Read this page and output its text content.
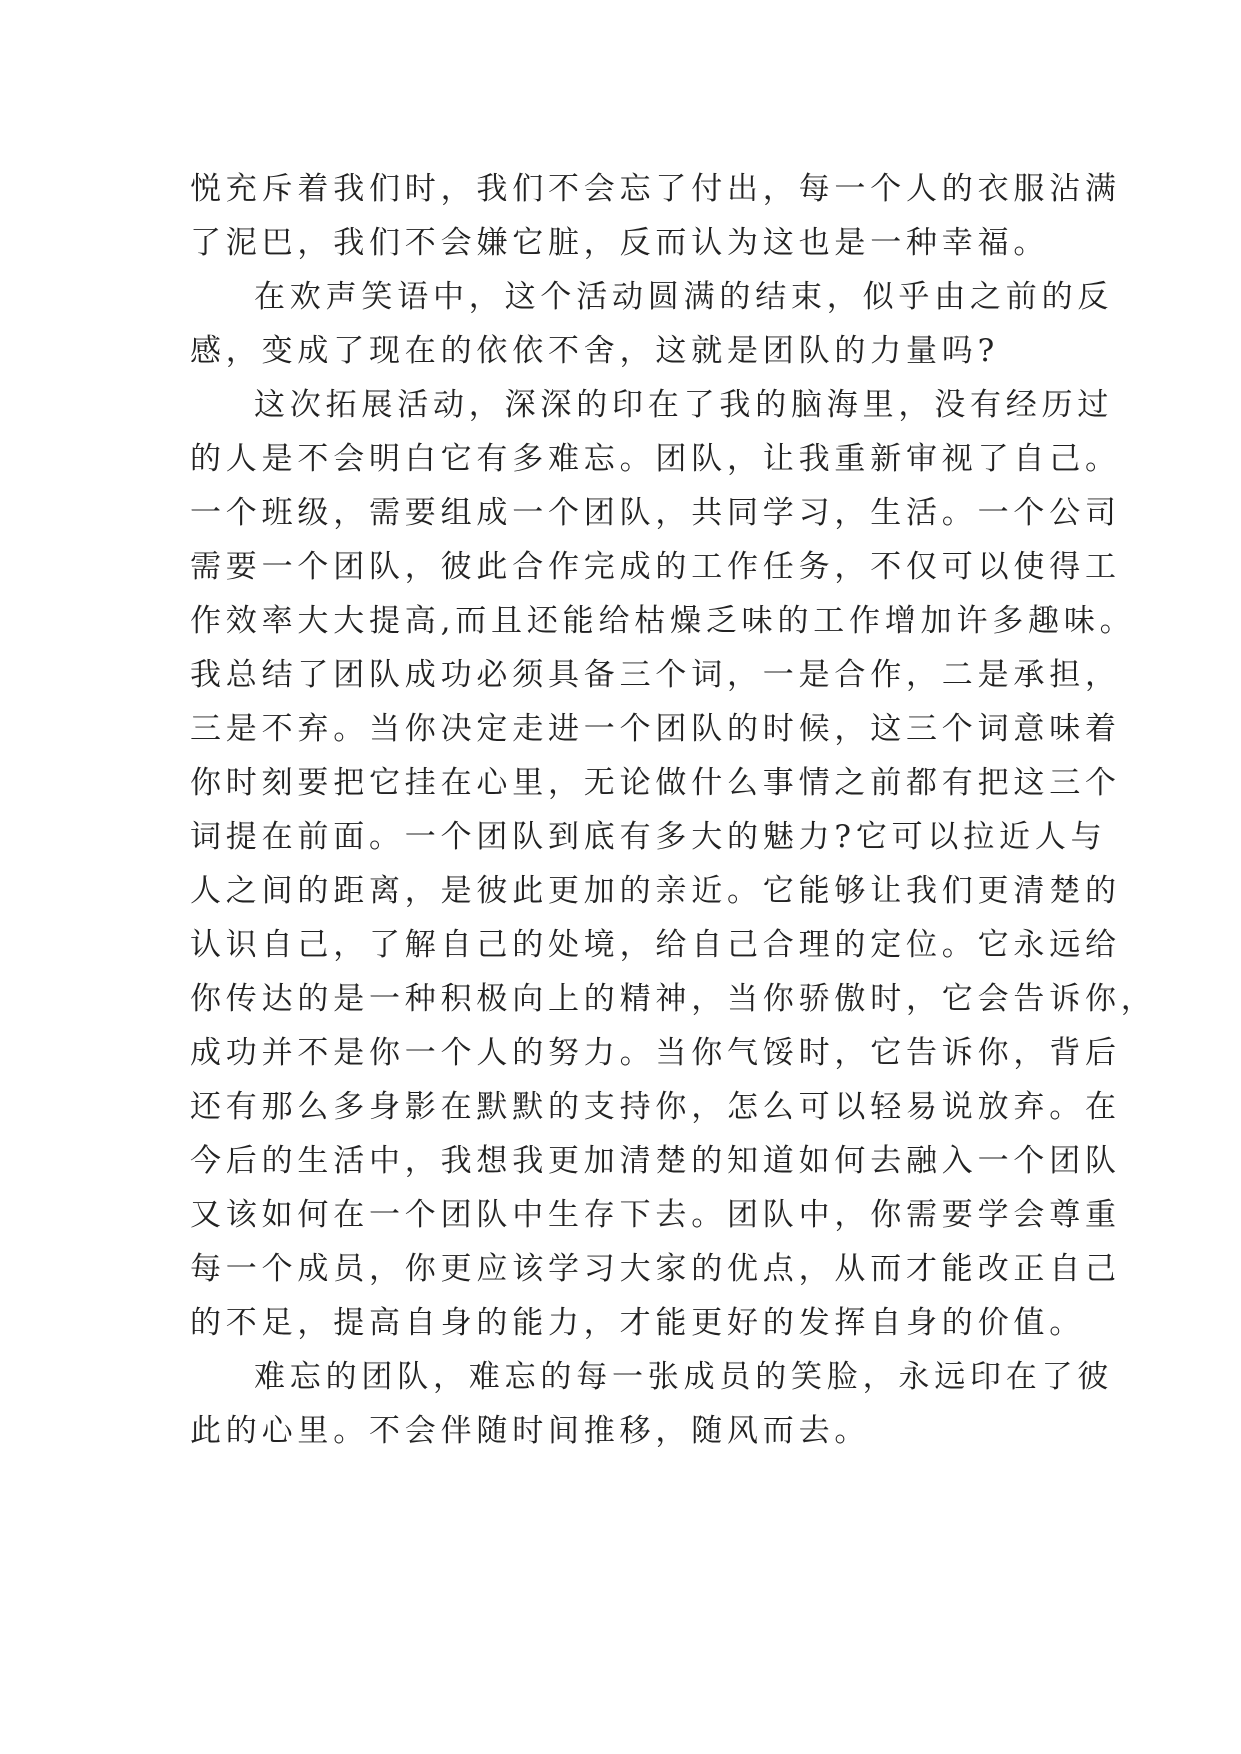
悦充斥着我们时，我们不会忘了付出，每一个人的衣服沾满
了泥巴，我们不会嫌它脏，反而认为这也是一种幸福。
在欢声笑语中，这个活动圆满的结束，似乎由之前的反
感，变成了现在的依依不舍，这就是团队的力量吗?
这次拓展活动，深深的印在了我的脑海里，没有经历过
的人是不会明白它有多难忘。团队，让我重新审视了自己。
一个班级，需要组成一个团队，共同学习，生活。一个公司
需要一个团队，彼此合作完成的工作任务，不仅可以使得工
作效率大大提高,而且还能给枯燥乏味的工作增加许多趣味。
我总结了团队成功必须具备三个词，一是合作，二是承担，
三是不弃。当你决定走进一个团队的时候，这三个词意味着
你时刻要把它挂在心里，无论做什么事情之前都有把这三个
词提在前面。一个团队到底有多大的魅力?它可以拉近人与
人之间的距离，是彼此更加的亲近。它能够让我们更清楚的
认识自己，了解自己的处境，给自己合理的定位。它永远给
你传达的是一种积极向上的精神，当你骄傲时，它会告诉你，
成功并不是你一个人的努力。当你气馁时，它告诉你，背后
还有那么多身影在默默的支持你，怎么可以轻易说放弃。在
今后的生活中，我想我更加清楚的知道如何去融入一个团队
又该如何在一个团队中生存下去。团队中，你需要学会尊重
每一个成员，你更应该学习大家的优点，从而才能改正自己
的不足，提高自身的能力，才能更好的发挥自身的价值。
难忘的团队，难忘的每一张成员的笑脸，永远印在了彼
此的心里。不会伴随时间推移，随风而去。
